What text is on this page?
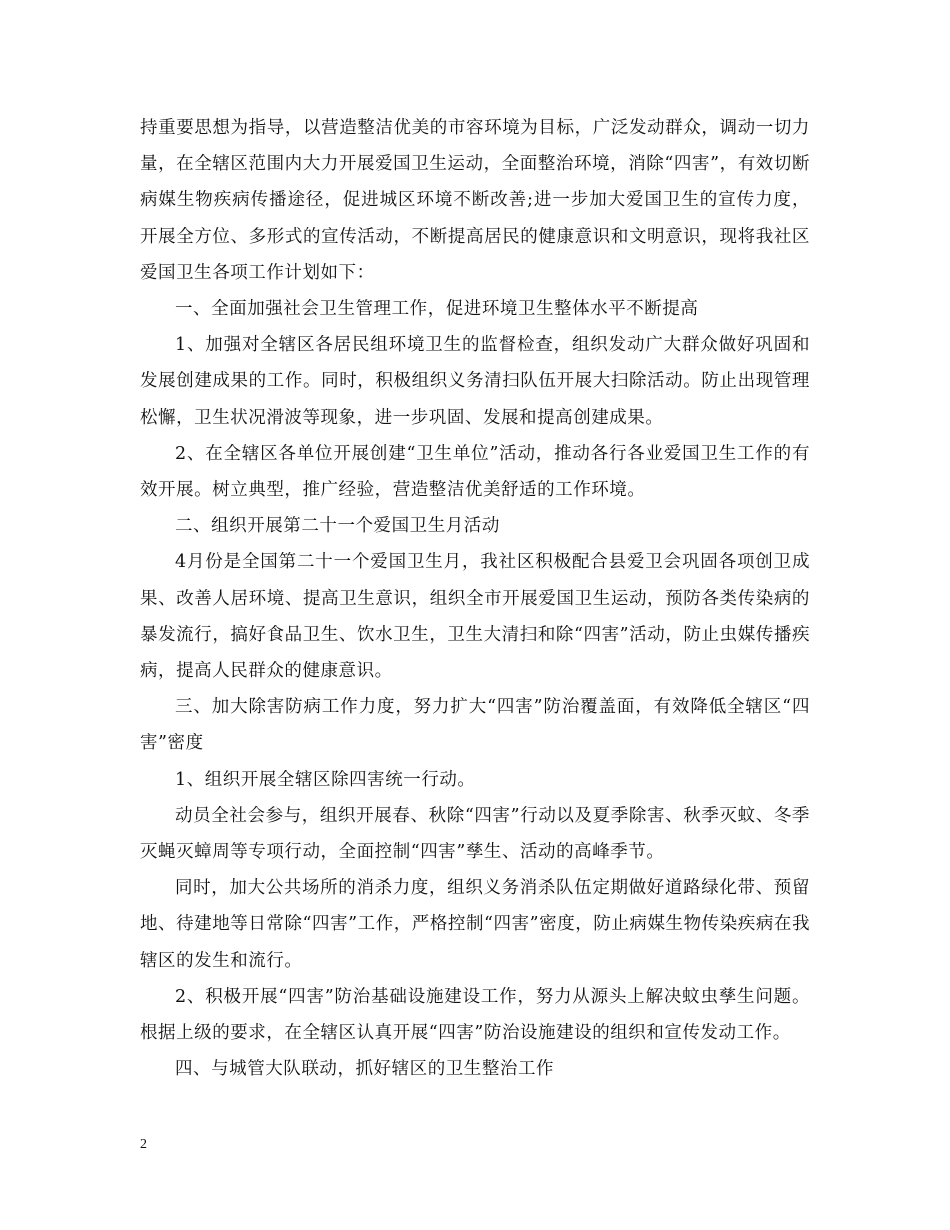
持重要思想为指导，以营造整洁优美的市容环境为目标，广泛发动群众，调动一切力量，在全辖区范围内大力开展爱国卫生运动，全面整治环境，消除“四害”，有效切断病媒生物疾病传播途径，促进城区环境不断改善;进一步加大爱国卫生的宣传力度，开展全方位、多形式的宣传活动，不断提高居民的健康意识和文明意识，现将我社区爱国卫生各项工作计划如下：

一、全面加强社会卫生管理工作，促进环境卫生整体水平不断提高

1、加强对全辖区各居民组环境卫生的监督检查，组织发动广大群众做好巩固和发展创建成果的工作。同时，积极组织义务清扫队伍开展大扫除活动。防止出现管理松懈，卫生状况滑波等现象，进一步巩固、发展和提高创建成果。

2、在全辖区各单位开展创建“卫生单位”活动，推动各行各业爱国卫生工作的有效开展。树立典型，推广经验，营造整洁优美舒适的工作环境。

二、组织开展第二十一个爱国卫生月活动

4月份是全国第二十一个爱国卫生月，我社区积极配合县爱卫会巩固各项创卫成果、改善人居环境、提高卫生意识，组织全市开展爱国卫生运动，预防各类传染病的暴发流行，搞好食品卫生、饮水卫生，卫生大清扫和除“四害”活动，防止虫媒传播疾病，提高人民群众的健康意识。

三、加大除害防病工作力度，努力扩大“四害”防治覆盖面，有效降低全辖区“四害”密度

1、组织开展全辖区除四害统一行动。

动员全社会参与，组织开展春、秋除“四害”行动以及夏季除害、秋季灭蚊、冬季灭蝇灭蟑周等专项行动，全面控制“四害”孳生、活动的高峰季节。

同时，加大公共场所的消杀力度，组织义务消杀队伍定期做好道路绿化带、预留地、待建地等日常除“四害”工作，严格控制“四害”密度，防止病媒生物传染疾病在我辖区的发生和流行。

2、积极开展“四害”防治基础设施建设工作，努力从源头上解决蚊虫孳生问题。根据上级的要求，在全辖区认真开展“四害”防治设施建设的组织和宣传发动工作。

四、与城管大队联动，抓好辖区的卫生整治工作

2
